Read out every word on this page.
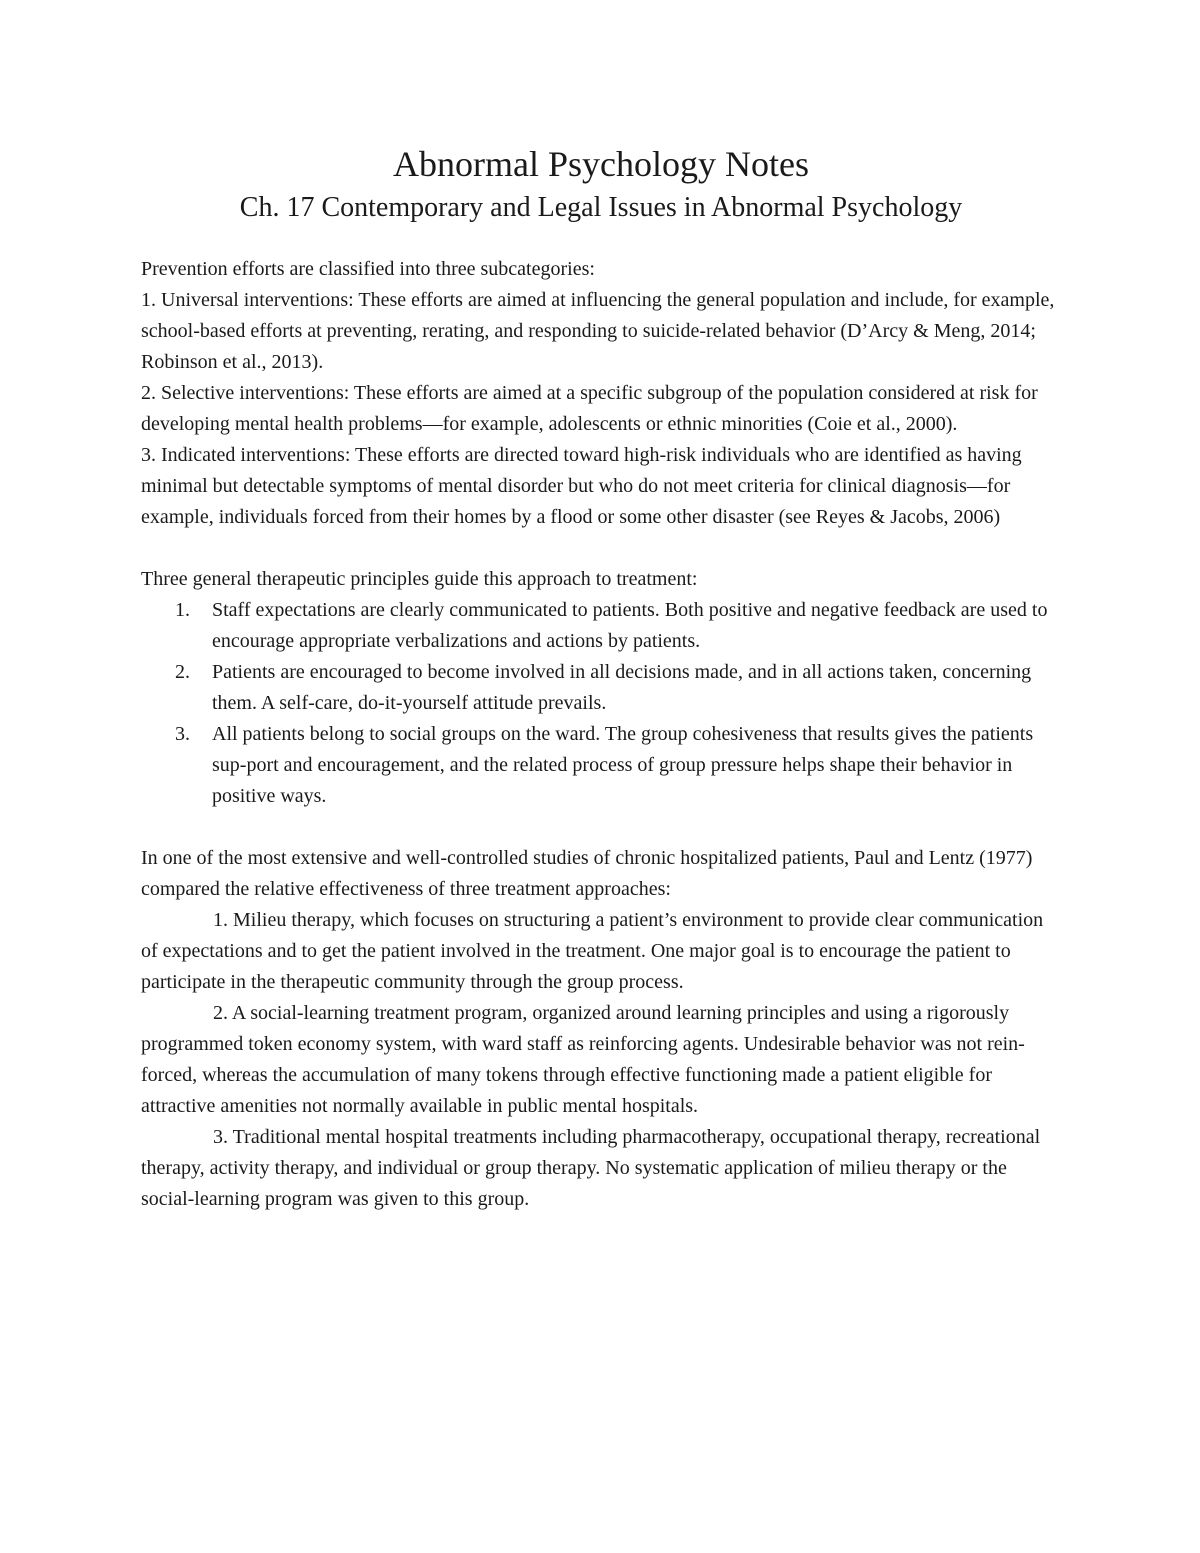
Abnormal Psychology Notes
Ch. 17 Contemporary and Legal Issues in Abnormal Psychology

Prevention efforts are classified into three subcategories:

1. Universal interventions: These efforts are aimed at influencing the general population and include, for example, school-based efforts at preventing, rerating, and responding to suicide-related behavior (D’Arcy & Meng, 2014; Robinson et al., 2013).

2. Selective interventions: These efforts are aimed at a specific subgroup of the population considered at risk for developing mental health problems—for example, adolescents or ethnic minorities (Coie et al., 2000).

3. Indicated interventions: These efforts are directed toward high-risk individuals who are identified as having minimal but detectable symptoms of mental disorder but who do not meet criteria for clinical diagnosis—for example, individuals forced from their homes by a flood or some other disaster (see Reyes & Jacobs, 2006)

Three general therapeutic principles guide this approach to treatment:

1. Staff expectations are clearly communicated to patients. Both positive and negative feedback are used to encourage appropriate verbalizations and actions by patients.
2. Patients are encouraged to become involved in all decisions made, and in all actions taken, concerning them. A self-care, do-it-yourself attitude prevails.
3. All patients belong to social groups on the ward. The group cohesiveness that results gives the patients sup-port and encouragement, and the related process of group pressure helps shape their behavior in positive ways.

In one of the most extensive and well-controlled studies of chronic hospitalized patients, Paul and Lentz (1977) compared the relative effectiveness of three treatment approaches:

1. Milieu therapy, which focuses on structuring a patient’s environment to provide clear communication of expectations and to get the patient involved in the treatment. One major goal is to encourage the patient to participate in the therapeutic community through the group process.

2. A social-learning treatment program, organized around learning principles and using a rigorously programmed token economy system, with ward staff as reinforcing agents. Undesirable behavior was not rein-forced, whereas the accumulation of many tokens through effective functioning made a patient eligible for attractive amenities not normally available in public mental hospitals.

3. Traditional mental hospital treatments including pharmacotherapy, occupational therapy, recreational therapy, activity therapy, and individual or group therapy. No systematic application of milieu therapy or the social-learning program was given to this group.
